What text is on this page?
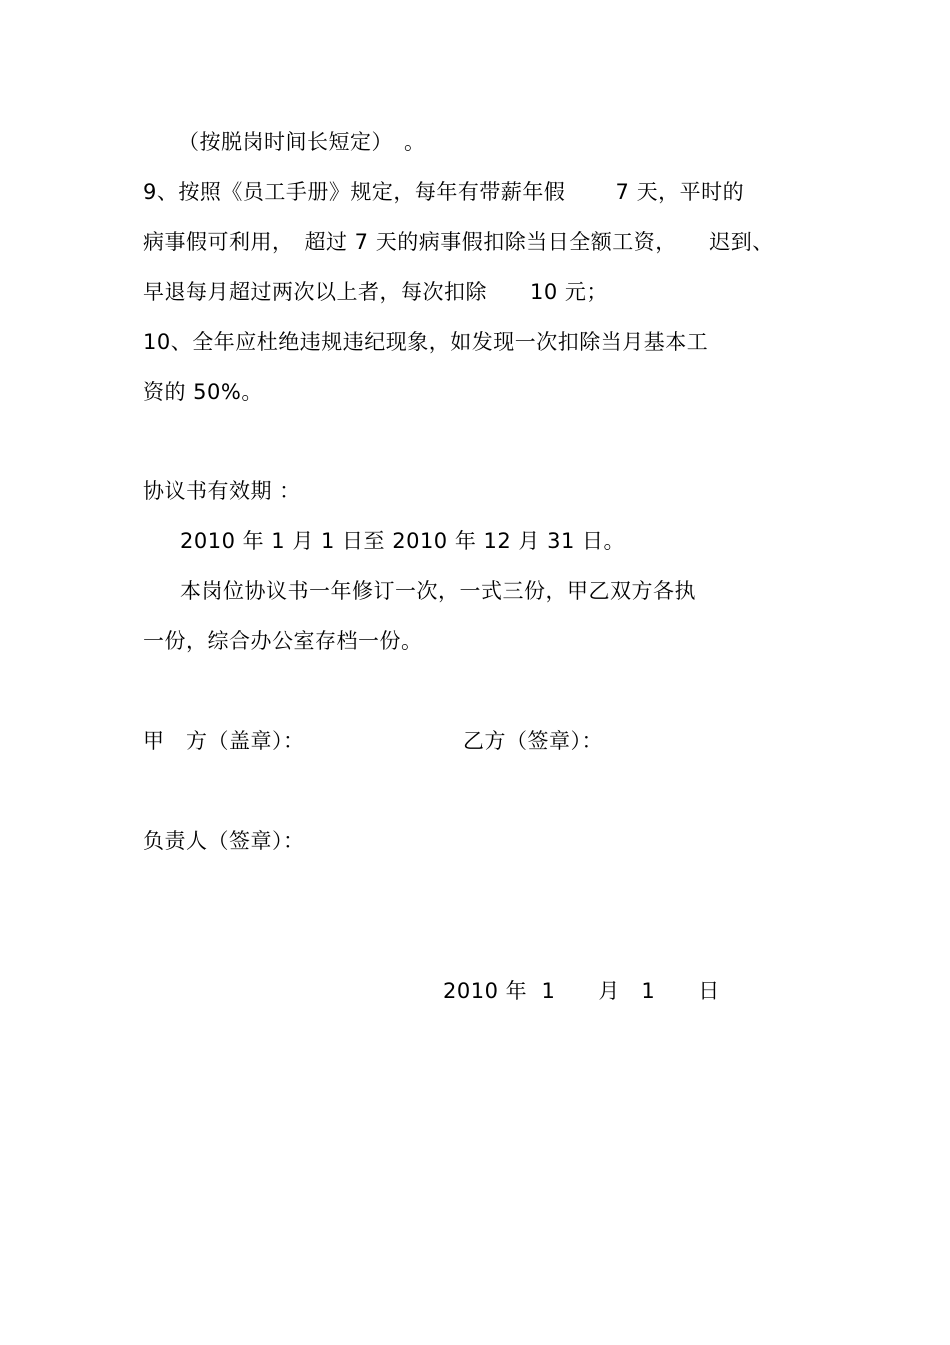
（按脱岗时间长短定）　。
9、按照《员工手册》规定，每年有带薪年假　　 7 天，平时的
病事假可利用，　超过 7 天的病事假扣除当日全额工资，　　迟到、
早退每月超过两次以上者，每次扣除　　10 元；
10、全年应杜绝违规违纪现象，如发现一次扣除当月基本工
资的 50%。
协议书有效期 ：
2010 年 1 月 1 日至 2010 年 12 月 31 日。
本岗位协议书一年修订一次，一式三份，甲乙双方各执
一份，综合办公室存档一份。
甲　方（盖章）：	乙方（签章）：
负责人（签章）：
2010 年  1　　月　1　　日
